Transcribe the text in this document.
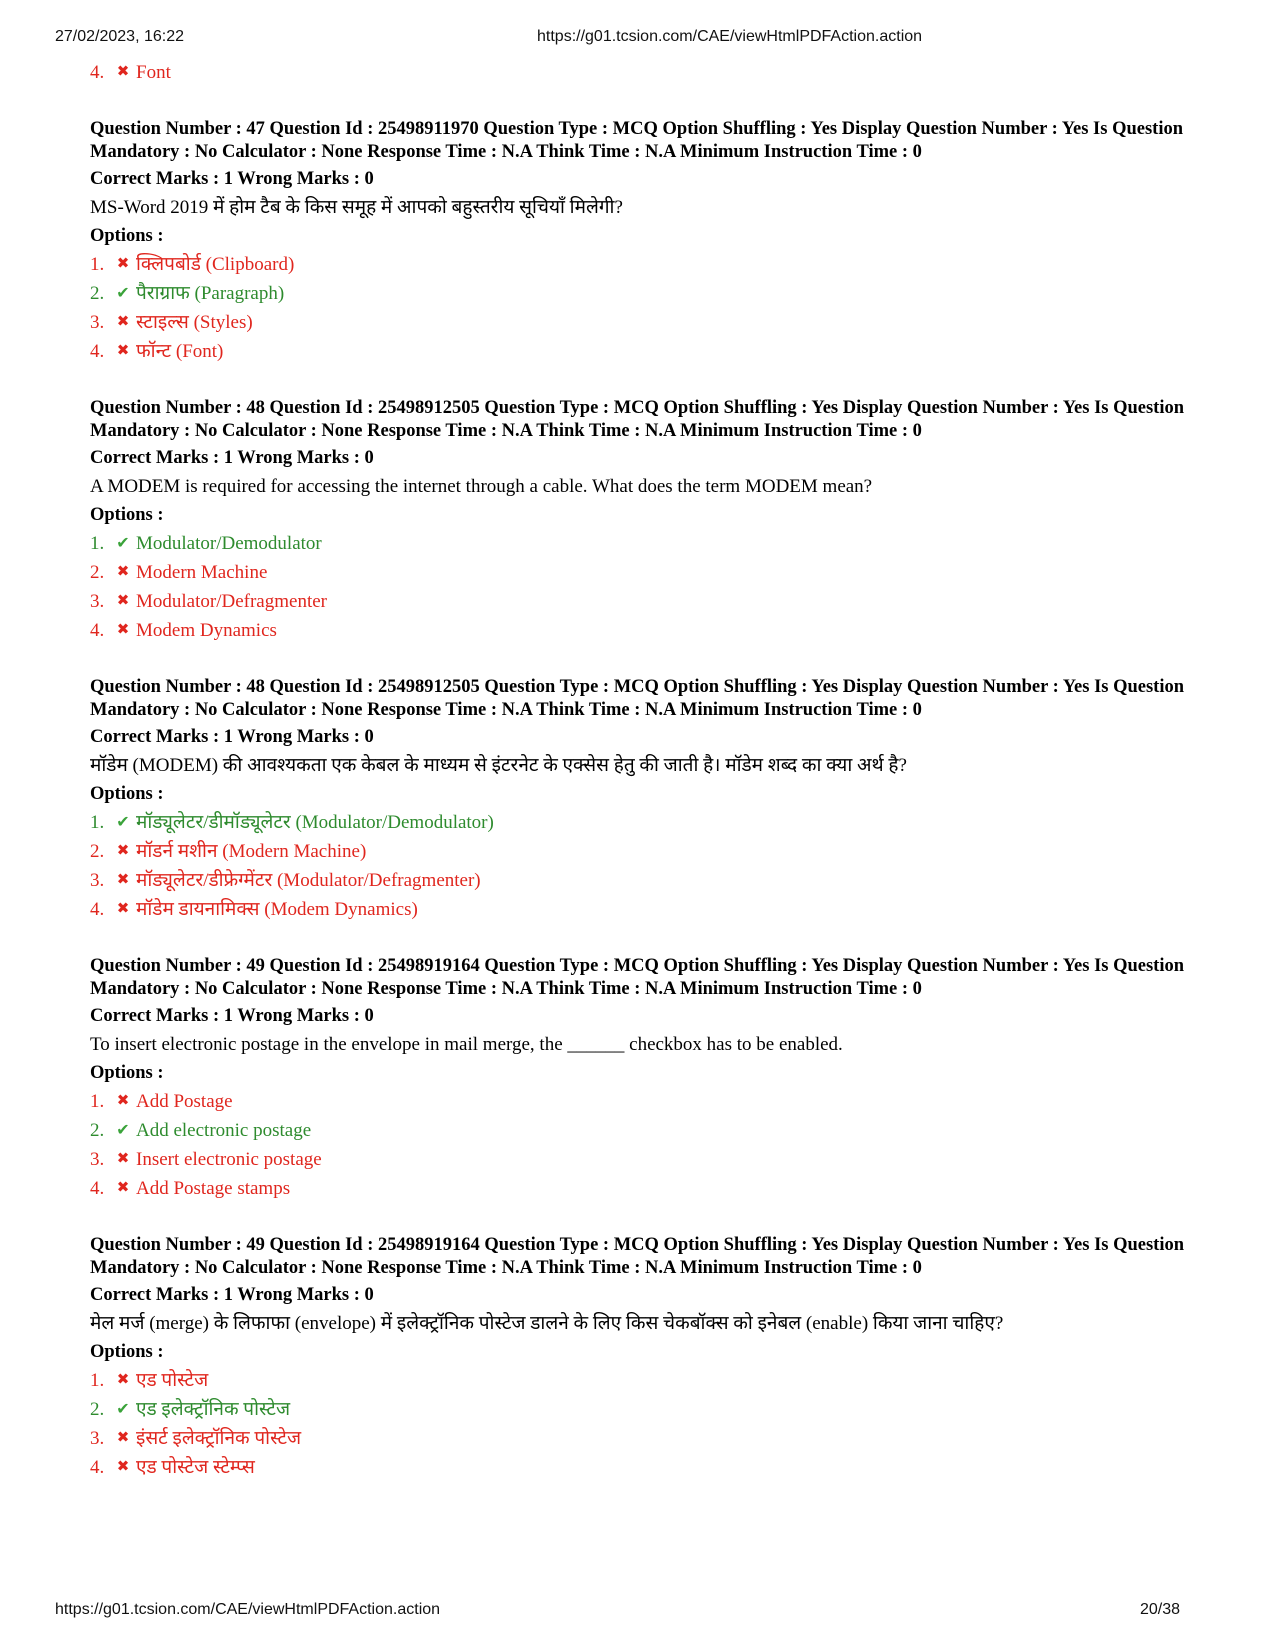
27/02/2023, 16:22	https://g01.tcsion.com/CAE/viewHtmlPDFAction.action
4. ✖ Font
Question Number : 47 Question Id : 25498911970 Question Type : MCQ Option Shuffling : Yes Display Question Number : Yes Is Question Mandatory : No Calculator : None Response Time : N.A Think Time : N.A Minimum Instruction Time : 0
Correct Marks : 1 Wrong Marks : 0
MS-Word 2019 में होम टैब के किस समूह में आपको बहुस्तरीय सूचियाँ मिलेगी?
Options :
1. ✖ क्लिपबोर्ड (Clipboard)
2. ✔ पैराग्राफ (Paragraph)
3. ✖ स्टाइल्स (Styles)
4. ✖ फॉन्ट (Font)
Question Number : 48 Question Id : 25498912505 Question Type : MCQ Option Shuffling : Yes Display Question Number : Yes Is Question Mandatory : No Calculator : None Response Time : N.A Think Time : N.A Minimum Instruction Time : 0
Correct Marks : 1 Wrong Marks : 0
A MODEM is required for accessing the internet through a cable. What does the term MODEM mean?
Options :
1. ✔ Modulator/Demodulator
2. ✖ Modern Machine
3. ✖ Modulator/Defragmenter
4. ✖ Modem Dynamics
Question Number : 48 Question Id : 25498912505 Question Type : MCQ Option Shuffling : Yes Display Question Number : Yes Is Question Mandatory : No Calculator : None Response Time : N.A Think Time : N.A Minimum Instruction Time : 0
Correct Marks : 1 Wrong Marks : 0
मॉडेम (MODEM) की आवश्यकता एक केबल के माध्यम से इंटरनेट के एक्सेस हेतु की जाती है। मॉडेम शब्द का क्या अर्थ है?
Options :
1. ✔ मॉड्यूलेटर/डीमॉड्यूलेटर (Modulator/Demodulator)
2. ✖ मॉडर्न मशीन (Modern Machine)
3. ✖ मॉड्यूलेटर/डीफ्रेग्मेंटर (Modulator/Defragmenter)
4. ✖ मॉडेम डायनामिक्स (Modem Dynamics)
Question Number : 49 Question Id : 25498919164 Question Type : MCQ Option Shuffling : Yes Display Question Number : Yes Is Question Mandatory : No Calculator : None Response Time : N.A Think Time : N.A Minimum Instruction Time : 0
Correct Marks : 1 Wrong Marks : 0
To insert electronic postage in the envelope in mail merge, the ______ checkbox has to be enabled.
Options :
1. ✖ Add Postage
2. ✔ Add electronic postage
3. ✖ Insert electronic postage
4. ✖ Add Postage stamps
Question Number : 49 Question Id : 25498919164 Question Type : MCQ Option Shuffling : Yes Display Question Number : Yes Is Question Mandatory : No Calculator : None Response Time : N.A Think Time : N.A Minimum Instruction Time : 0
Correct Marks : 1 Wrong Marks : 0
मेल मर्ज (merge) के लिफाफा (envelope) में इलेक्ट्रॉनिक पोस्टेज डालने के लिए किस चेकबॉक्स को इनेबल (enable) किया जाना चाहिए?
Options :
1. ✖ एड पोस्टेज
2. ✔ एड इलेक्ट्रॉनिक पोस्टेज
3. ✖ इंसर्ट इलेक्ट्रॉनिक पोस्टेज
4. ✖ एड पोस्टेज स्टेम्प्स
https://g01.tcsion.com/CAE/viewHtmlPDFAction.action	20/38
